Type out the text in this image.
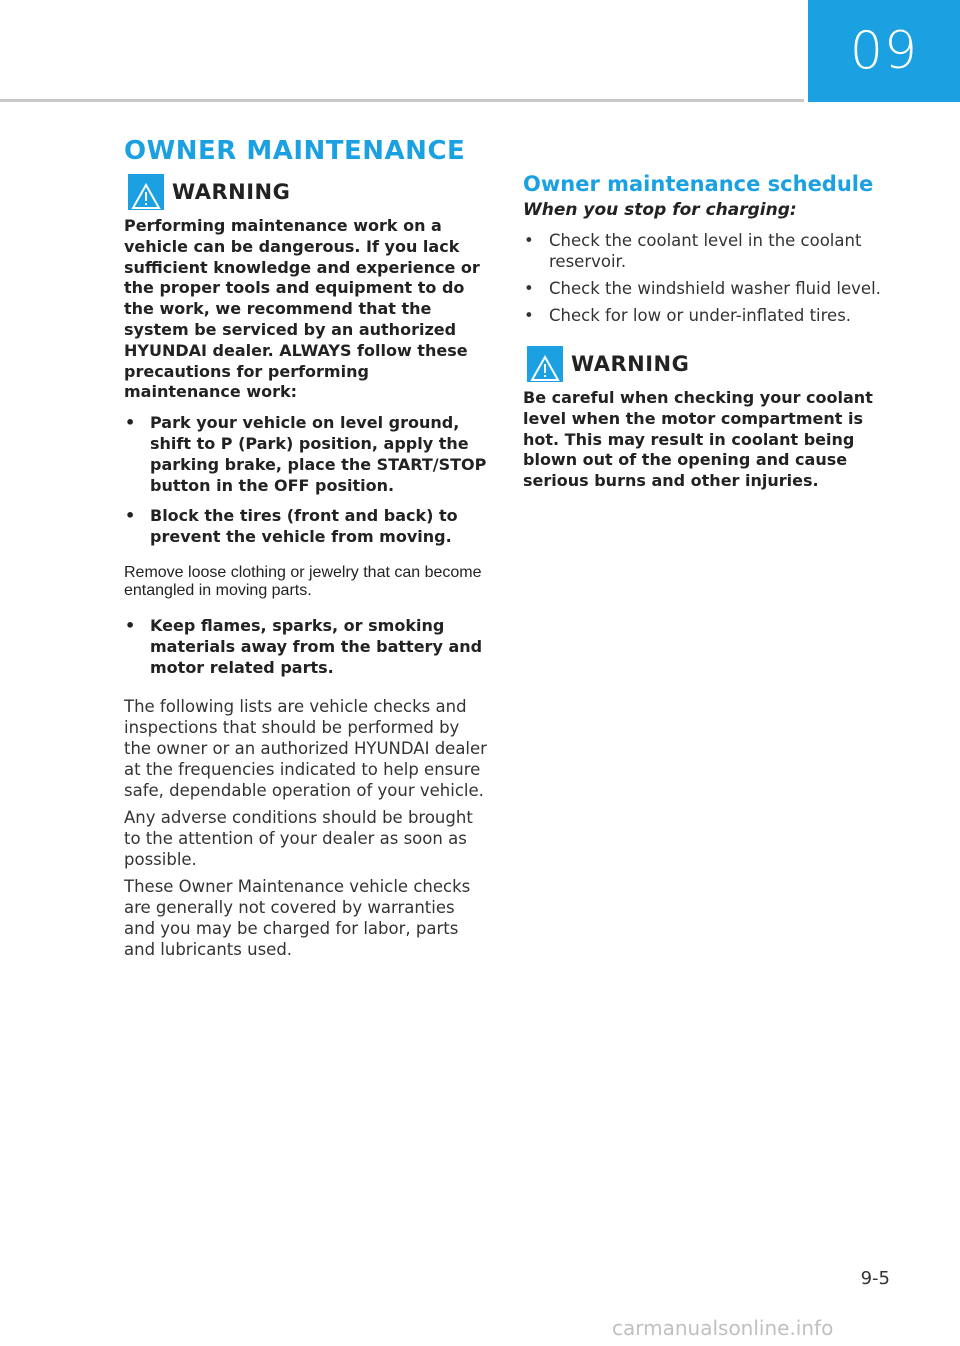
09
OWNER MAINTENANCE
WARNING

Performing maintenance work on a vehicle can be dangerous. If you lack sufficient knowledge and experience or the proper tools and equipment to do the work, we recommend that the system be serviced by an authorized HYUNDAI dealer. ALWAYS follow these precautions for performing maintenance work:

• Park your vehicle on level ground, shift to P (Park) position, apply the parking brake, place the START/STOP button in the OFF position.
• Block the tires (front and back) to prevent the vehicle from moving.

Remove loose clothing or jewelry that can become entangled in moving parts.

• Keep flames, sparks, or smoking materials away from the battery and motor related parts.

The following lists are vehicle checks and inspections that should be performed by the owner or an authorized HYUNDAI dealer at the frequencies indicated to help ensure safe, dependable operation of your vehicle.

Any adverse conditions should be brought to the attention of your dealer as soon as possible.

These Owner Maintenance vehicle checks are generally not covered by warranties and you may be charged for labor, parts and lubricants used.

Owner maintenance schedule
When you stop for charging:
• Check the coolant level in the coolant reservoir.
• Check the windshield washer fluid level.
• Check for low or under-inflated tires.
WARNING

Be careful when checking your coolant level when the motor compartment is hot. This may result in coolant being blown out of the opening and cause serious burns and other injuries.

9-5
carmanualsonline.info
